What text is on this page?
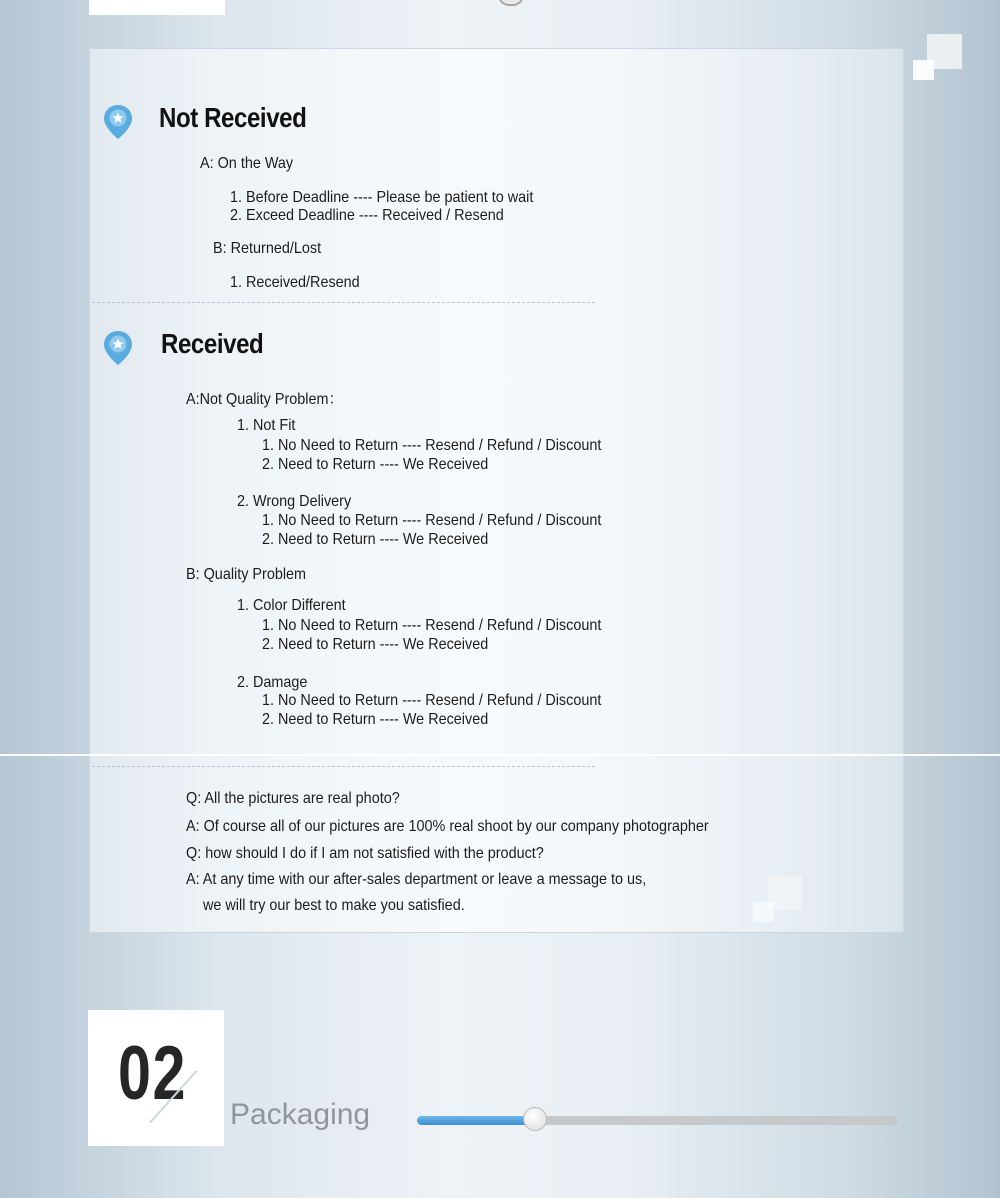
Not Received
A: On the Way
1. Before Deadline ---- Please be patient to wait
2. Exceed Deadline ---- Received / Resend
B: Returned/Lost
1. Received/Resend
Received
A:Not Quality Problem：
1. Not Fit
1. No Need to Return ---- Resend / Refund / Discount
2. Need to Return ---- We Received
2. Wrong Delivery
1. No Need to Return ---- Resend / Refund / Discount
2. Need to Return ---- We Received
B: Quality Problem
1. Color Different
1. No Need to Return ---- Resend / Refund / Discount
2. Need to Return ---- We Received
2. Damage
1. No Need to Return ---- Resend / Refund / Discount
2. Need to Return ---- We Received
Q: All the pictures are real photo?
A: Of course all of our pictures are 100% real shoot by our company photographer
Q: how should I do if I am not satisfied with the product?
A: At any time with our after-sales department or leave a message to us,
we will try our best to make you satisfied.
02 Packaging
